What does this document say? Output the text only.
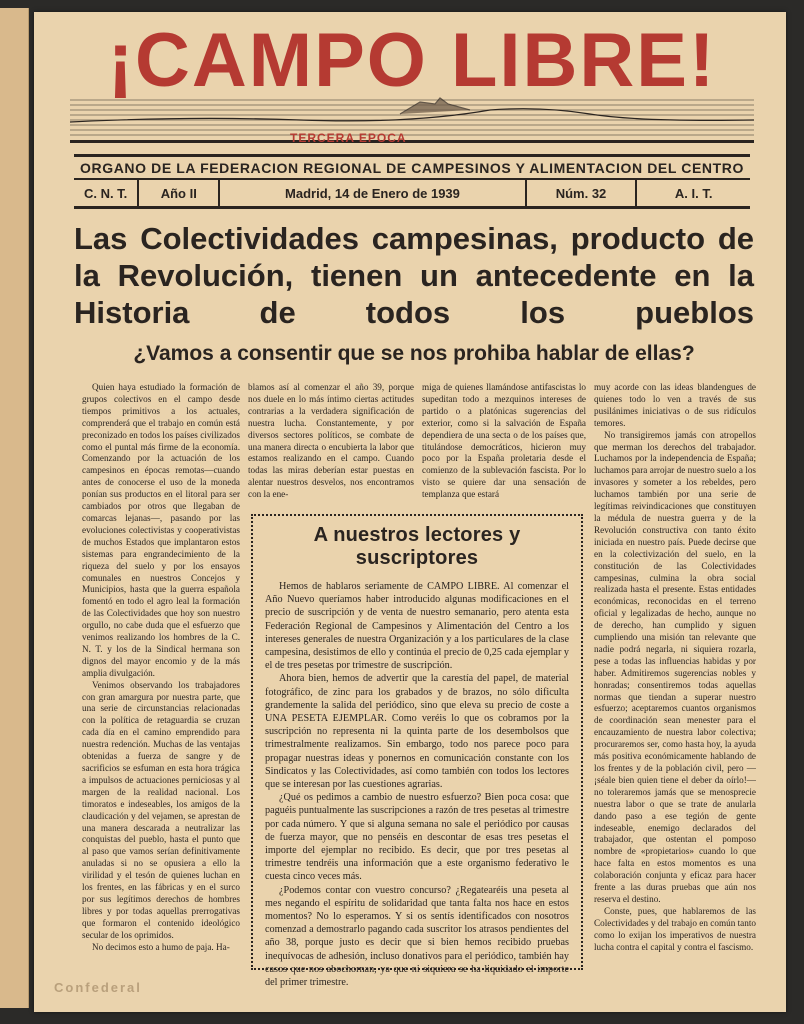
¡CAMPO LIBRE!
TERCERA EPOCA
ORGANO DE LA FEDERACION REGIONAL DE CAMPESINOS Y ALIMENTACION DEL CENTRO
C. N. T.	Año II	Madrid, 14 de Enero de 1939	Núm. 32	A. I. T.
Las Colectividades campesinas, producto de la Revolución, tienen un antecedente en la Historia de todos los pueblos
¿Vamos a consentir que se nos prohiba hablar de ellas?

Quien haya estudiado la formación de grupos colectivos en el campo desde tiempos primitivos a los actuales, comprenderá que el trabajo en común está preconizado en todos los países civilizados como el puntal más firme de la economía. Comenzando por la actuación de los campesinos en épocas remotas—cuando antes de conocerse el uso de la moneda ponían sus productos en el litoral para ser cambiados por otros que llegaban de comarcas lejanas—, pasando por las evoluciones colectivistas y cooperativistas de muchos Estados que implantaron estos sistemas para engrandecimiento de la riqueza del suelo y por los ensayos comunales en nuestros Concejos y Municipios, hasta que la guerra española fomentó en todo el agro leal la formación de las Colectividades que hoy son nuestro orgullo, no cabe duda que el esfuerzo que venimos realizando los hombres de la C. N. T. y los de la Sindical hermana son dignos del mayor encomio y de la más amplia divulgación.

Venimos observando los trabajadores con gran amargura por nuestra parte, que una serie de circunstancias relacionadas con la política de retaguardia se cruzan cada día en el camino emprendido para nuestra redención. Muchas de las ventajas obtenidas a fuerza de sangre y de sacrificios se esfuman en esta hora trágica a impulsos de actuaciones perniciosas y al margen de la realidad nacional. Los timoratos e indeseables, los amigos de la claudicación y del vejamen, se aprestan de una manera descarada a neutralizar las conquistas del pueblo, hasta el punto que al paso que vamos serían definitivamente anuladas si no se opusiera a ello la virilidad y el tesón de quienes luchan en los frentes, en las fábricas y en el surco por sus legítimos derechos de hombres libres y por todas aquellas prerrogativas que formaron el contenido ideológico secular de los oprimidos.

No decimos esto a humo de paja. Ha-

blamos así al comenzar el año 39, porque nos duele en lo más íntimo ciertas actitudes contrarias a la verdadera significación de nuestra lucha. Constantemente, y por diversos sectores políticos, se combate de una manera directa o encubierta la labor que estamos realizando en el campo. Cuando todas las miras deberían estar puestas en alentar nuestros desvelos, nos encontramos con la ene-

miga de quienes llamándose antifascistas lo supeditan todo a mezquinos intereses de partido o a platónicas sugerencias del exterior, como si la salvación de España dependiera de una secta o de los países que, titulándose democráticos, hicieron muy poco por la España proletaria desde el comienzo de la sublevación fascista. Por lo visto se quiere dar una sensación de templanza que estará

muy acorde con las ideas blandengues de quienes todo lo ven a través de sus pusilánimes iniciativas o de sus ridículos temores.

No transigiremos jamás con atropellos que merman los derechos del trabajador. Luchamos por la independencia de España; luchamos para arrojar de nuestro suelo a los invasores y someter a los rebeldes, pero luchamos también por una serie de legítimas reivindicaciones que constituyen la médula de nuestra guerra y de la Revolución constructiva con tanto éxito iniciada en nuestro país. Puede decirse que en la colectivización del suelo, en la constitución de las Colectividades campesinas, culmina la obra social realizada hasta el presente. Estas entidades económicas, reconocidas en el terreno oficial y legalizadas de hecho, aunque no de derecho, han cumplido y siguen cumpliendo una misión tan relevante que nadie podrá negarla, ni siquiera rozarla, pese a todas las influencias habidas y por haber. Admitiremos sugerencias nobles y honradas; consentiremos todas aquellas normas que tiendan a superar nuestro esfuerzo; aceptaremos cuantos organismos de coordinación sean menester para el encauzamiento de nuestra labor colectiva; procuraremos ser, como hasta hoy, la ayuda más positiva económicamente hablando de los frentes y de la población civil, pero —¡séale bien quien tiene el deber da oírlo!— no toleraremos jamás que se menosprecie nuestra labor o que se trate de anularla dando paso a ese tegión de gente indeseable, enemigo declarados del trabajador, que ostentan el pomposo nombre de «propietarios» cuando lo que hace falta en estos momentos es una colaboración conjunta y eficaz para hacer frente a las duras pruebas que aún nos reserva el destino.

Conste, pues, que hablaremos de las Colectividades y del trabajo en común tanto como lo exijan los imperativos de nuestra lucha contra el capital y contra el fascismo.

A nuestros lectores y suscriptores

Hemos de hablaros seriamente de CAMPO LIBRE. Al comenzar el Año Nuevo queríamos haber introducido algunas modificaciones en el precio de suscripción y de venta de nuestro semanario, pero atenta esta Federación Regional de Campesinos y Alimentación del Centro a los intereses generales de nuestra Organización y a los particulares de la clase campesina, desistimos de ello y continúa el precio de 0,25 cada ejemplar y el de tres pesetas por trimestre de suscripción.

Ahora bien, hemos de advertir que la carestía del papel, de material fotográfico, de zinc para los grabados y de brazos, no sólo dificulta grandemente la salida del periódico, sino que eleva su precio de coste a UNA PESETA EJEMPLAR. Como veréis lo que os cobramos por la suscripción no representa ni la quinta parte de los desembolsos que trimestralmente realizamos. Sin embargo, todo nos parece poco para propagar nuestras ideas y ponernos en comunicación constante con los Sindicatos y las Colectividades, así como también con todos los lectores que se interesan por las cuestiones agrarias.

¿Qué os pedimos a cambio de nuestro esfuerzo? Bien poca cosa: que paguéis puntualmente las suscripciones a razón de tres pesetas al trimestre por cada número. Y que si alguna semana no sale el periódico por causas de fuerza mayor, que no penséis en descontar de esas tres pesetas el importe del ejemplar no recibido. Es decir, que por tres pesetas al trimestre tendréis una información que a este organismo federativo le cuesta cinco veces más.

¿Podemos contar con vuestro concurso? ¿Regatearéis una peseta al mes negando el espíritu de solidaridad que tanta falta nos hace en estos momentos? No lo esperamos. Y si os sentís identificados con nosotros comenzad a demostrarlo pagando cada suscritor los atrasos pendientes del año 38, porque justo es decir que si bien hemos recibido pruebas inequívocas de adhesión, incluso donativos para el periódico, también hay casos que nos abochornan, ya que ni siquiera se ha liquidado el importe del primer trimestre.

Confederal
